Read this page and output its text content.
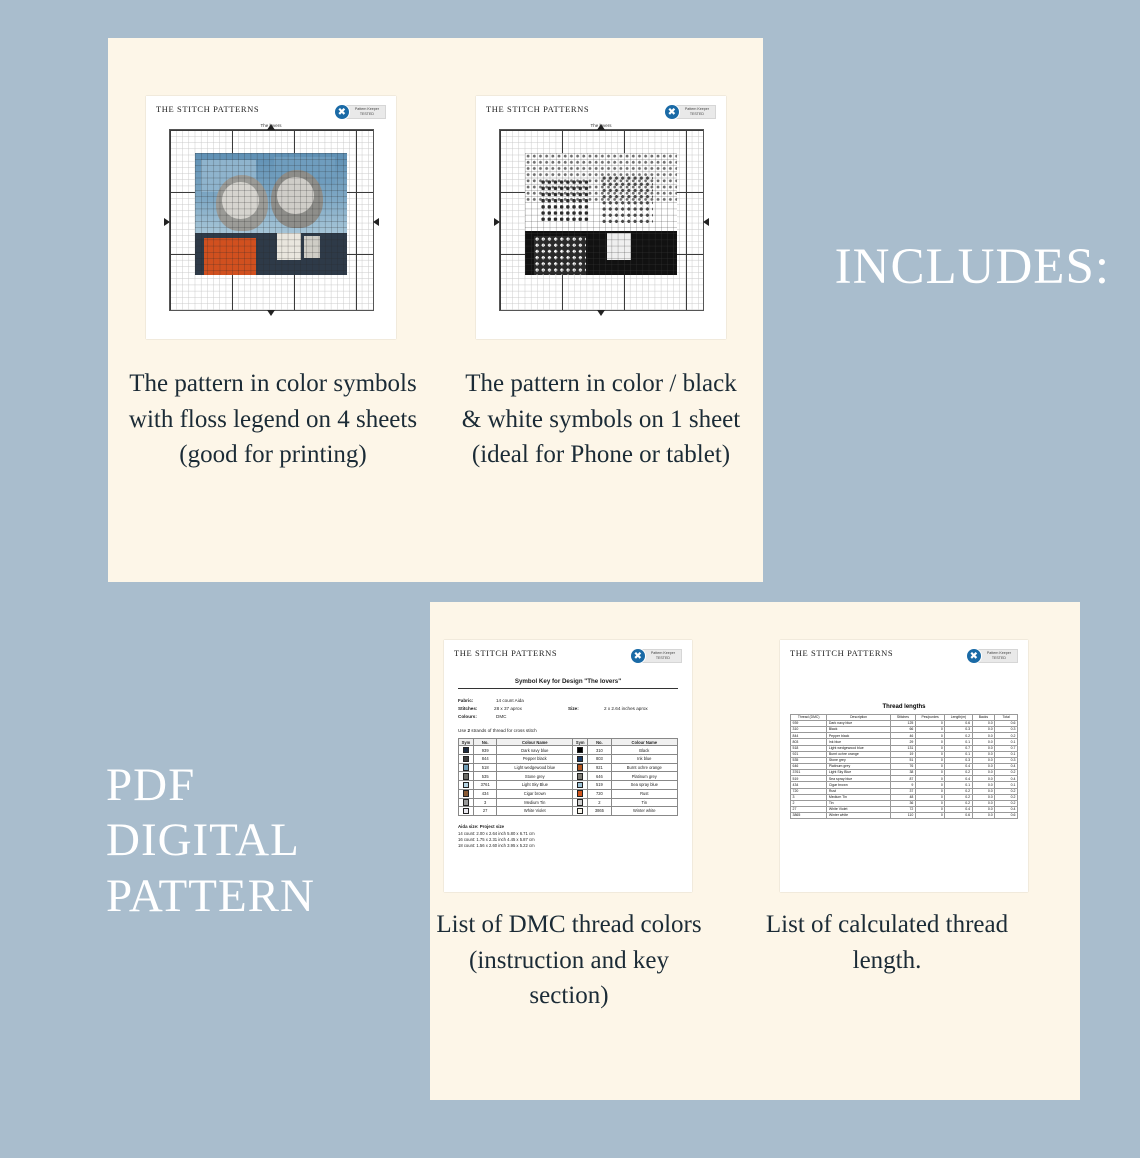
THE STITCH PATTERNS	✖	Pattern Keeper
TESTED
The lovers
THE STITCH PATTERNS	✖	Pattern Keeper
TESTED
The lovers
The pattern in color symbols with floss legend on 4 sheets (good for printing)
The pattern in color / black & white symbols on 1 sheet (ideal for Phone or tablet)
INCLUDES:
PDF
DIGITAL
PATTERN
THE STITCH PATTERNS	✖	Pattern Keeper
TESTED
Symbol Key for Design "The lovers"
Fabric:	14 count Aida
Stitches:	28 x 37 aprox	Size:	2 x 2.64 inches aprox
Colours:	DMC
Use 2 strands of thread for cross stitch
Sym	No.	Colour Name	Sym	No.	Colour Name
	939	Dark navy blue		310	Black
	844	Pepper black		803	Ink blue
	518	Light wedgewood blue		921	Burnt ochre orange
	535	Stone grey		646	Platinum grey
	3761	Light Sky Blue		519	Sea spray blue
	434	Cigar brown		720	Rust
	3	Medium Tin		2	Tin
	27	White Violet		3865	Winter white
Aida size: Project size
14 count: 2.00 x 2.64 inch 5.80 x 6.71 cm
16 count: 1.75 x 2.31 inch 4.45 x 5.87 cm
18 count: 1.56 x 2.60 inch 3.95 x 5.22 cm
THE STITCH PATTERNS	✖	Pattern Keeper
TESTED
Thread lengths
Thread (DMC)	Description	Stitches	Pes/purdes	Length(m)	Backs	Total
939	Dark navy blue	125	0	0.6	0.0	0.6
310	Black	66	0	0.3	0.0	0.3
844	Pepper black	46	0	0.2	0.0	0.2
803	Ink blue	29	0	0.1	0.0	0.1
518	Light wedgewood blue	131	0	0.7	0.0	0.7
921	Burnt ochre orange	19	0	0.1	0.0	0.1
535	Stone grey	51	0	0.3	0.0	0.3
646	Platinum grey	76	0	0.4	0.0	0.4
3761	Light Sky Blue	38	0	0.2	0.0	0.2
519	Sea spray blue	87	0	0.4	0.0	0.4
434	Cigar brown	9	0	0.1	0.0	0.1
720	Rust	37	0	0.2	0.0	0.2
3	Medium Tin	48	0	0.2	0.0	0.2
2	Tin	36	0	0.2	0.0	0.2
27	White Violet	72	0	0.4	0.0	0.4
3865	Winter white	110	0	0.6	0.0	0.6
List of DMC thread colors (instruction and key section)
List of calculated thread length.
